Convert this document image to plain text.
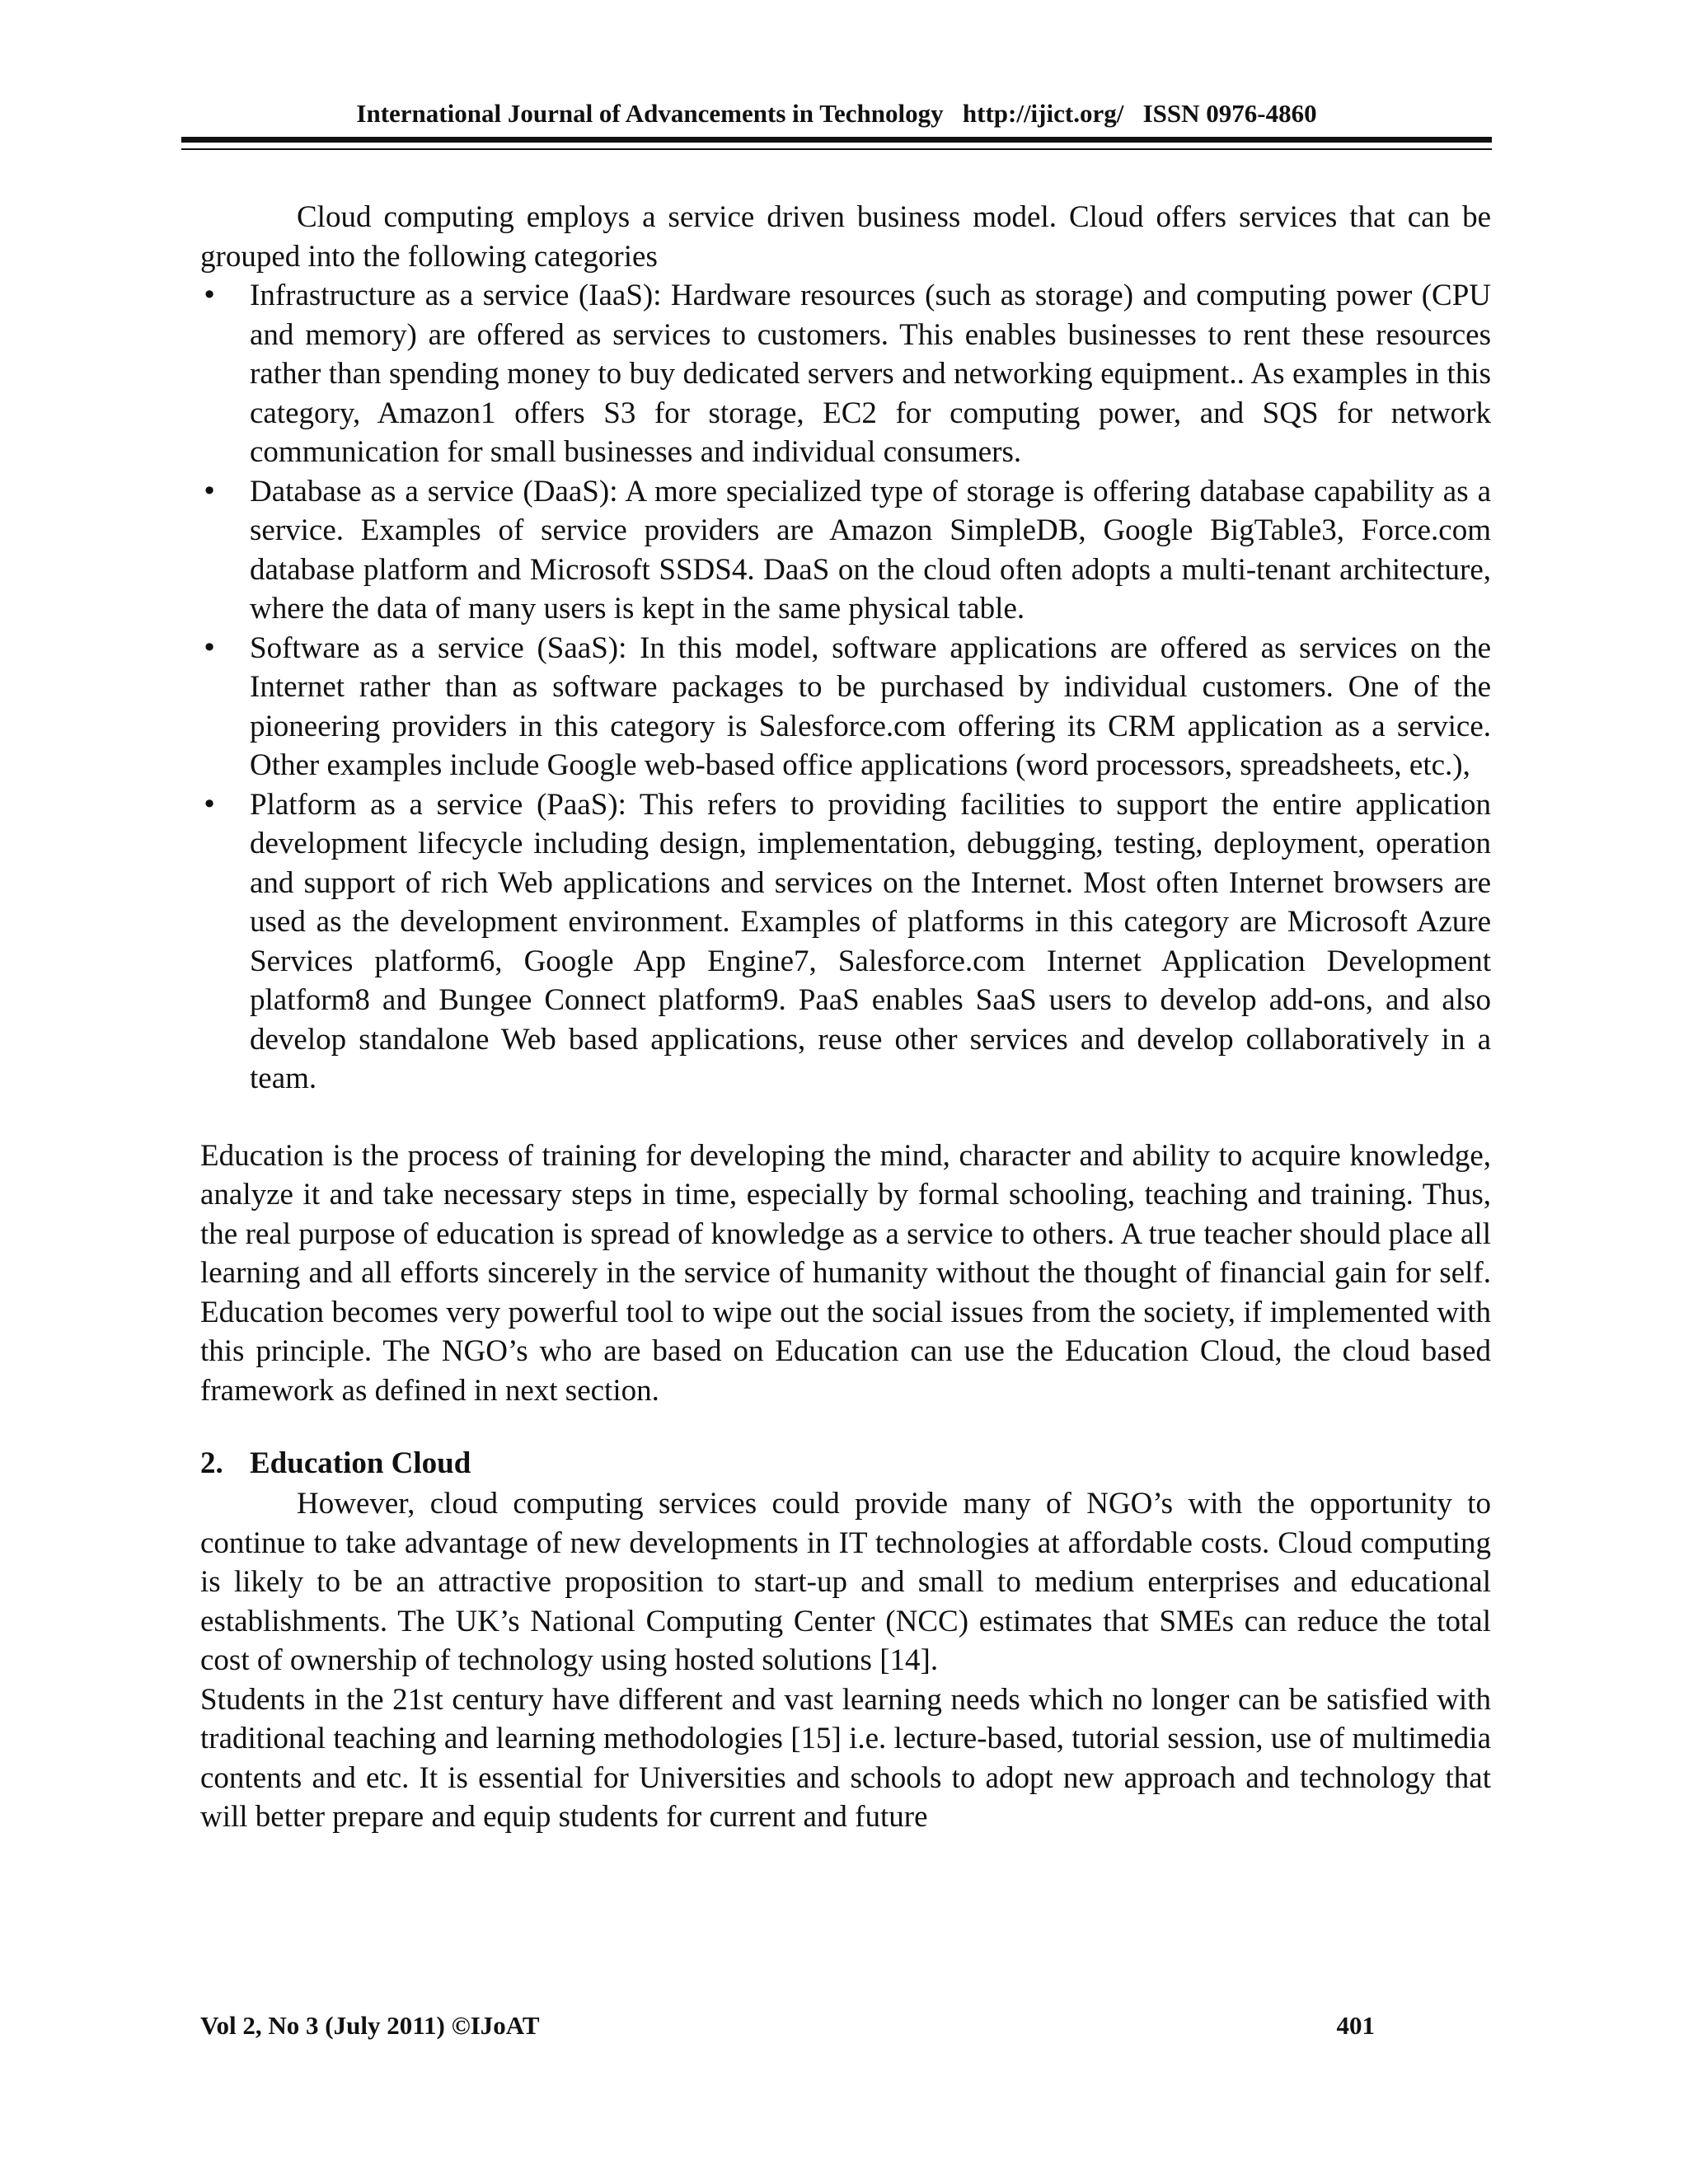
International Journal of Advancements in Technology   http://ijict.org/   ISSN 0976-4860

Cloud computing employs a service driven business model. Cloud offers services that can be grouped into the following categories

• Infrastructure as a service (IaaS): Hardware resources (such as storage) and computing power (CPU and memory) are offered as services to customers. This enables businesses to rent these resources rather than spending money to buy dedicated servers and networking equipment.. As examples in this category, Amazon1 offers S3 for storage, EC2 for computing power, and SQS for network communication for small businesses and individual consumers.
• Database as a service (DaaS): A more specialized type of storage is offering database capability as a service. Examples of service providers are Amazon SimpleDB, Google BigTable3, Force.com database platform and Microsoft SSDS4. DaaS on the cloud often adopts a multi-tenant architecture, where the data of many users is kept in the same physical table.
• Software as a service (SaaS): In this model, software applications are offered as services on the Internet rather than as software packages to be purchased by individual customers. One of the pioneering providers in this category is Salesforce.com offering its CRM application as a service. Other examples include Google web-based office applications (word processors, spreadsheets, etc.),
• Platform as a service (PaaS): This refers to providing facilities to support the entire application development lifecycle including design, implementation, debugging, testing, deployment, operation and support of rich Web applications and services on the Internet. Most often Internet browsers are used as the development environment. Examples of platforms in this category are Microsoft Azure Services platform6, Google App Engine7, Salesforce.com Internet Application Development platform8 and Bungee Connect platform9. PaaS enables SaaS users to develop add-ons, and also develop standalone Web based applications, reuse other services and develop collaboratively in a team.

Education is the process of training for developing the mind, character and ability to acquire knowledge, analyze it and take necessary steps in time, especially by formal schooling, teaching and training. Thus, the real purpose of education is spread of knowledge as a service to others. A true teacher should place all learning and all efforts sincerely in the service of humanity without the thought of financial gain for self. Education becomes very powerful tool to wipe out the social issues from the society, if implemented with this principle. The NGO’s who are based on Education can use the Education Cloud, the cloud based framework as defined in next section.

2. Education Cloud

However, cloud computing services could provide many of NGO’s with the opportunity to continue to take advantage of new developments in IT technologies at affordable costs. Cloud computing is likely to be an attractive proposition to start-up and small to medium enterprises and educational establishments. The UK’s National Computing Center (NCC) estimates that SMEs can reduce the total cost of ownership of technology using hosted solutions [14].

Students in the 21st century have different and vast learning needs which no longer can be satisfied with traditional teaching and learning methodologies [15] i.e. lecture-based, tutorial session, use of multimedia contents and etc. It is essential for Universities and schools to adopt new approach and technology that will better prepare and equip students for current and future

Vol 2, No 3 (July 2011) ©IJoAT	401
